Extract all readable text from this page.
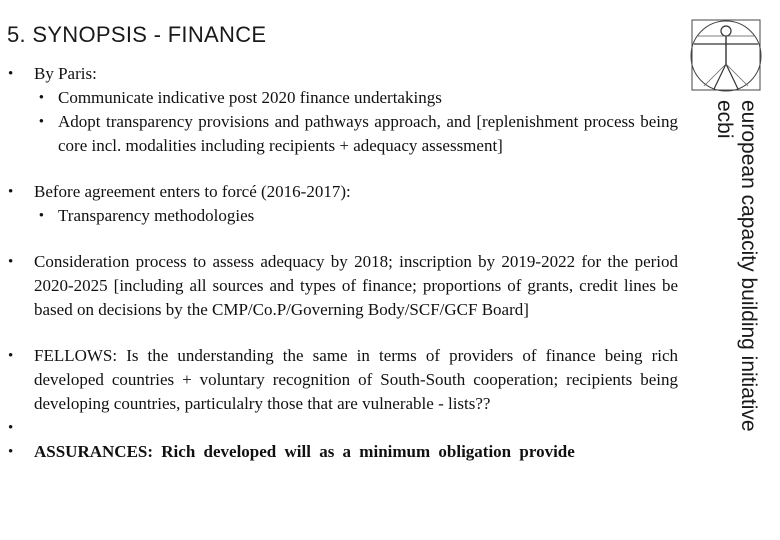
5. SYNOPSIS - FINANCE
european capacity building initiative
ecbi
•	By Paris:
• Communicate indicative post 2020 finance undertakings
• Adopt transparency provisions and pathways approach, and [replenishment process being core incl. modalities including recipients + adequacy assessment]
•	Before agreement enters to forcé (2016-2017):
• Transparency methodologies
•	Consideration process to assess adequacy by 2018; inscription by 2019-2022 for the period 2020-2025 [including all sources and types of finance; proportions of grants, credit lines be based on decisions by the CMP/Co.P/Governing Body/SCF/GCF Board]
•	FELLOWS: Is the understanding the same in terms of providers of finance being rich developed countries + voluntary recognition of South-South cooperation; recipients being developing countries, particulalry those that are vulnerable - lists??
•
•	ASSURANCES: Rich developed will as a minimum obligation provide
